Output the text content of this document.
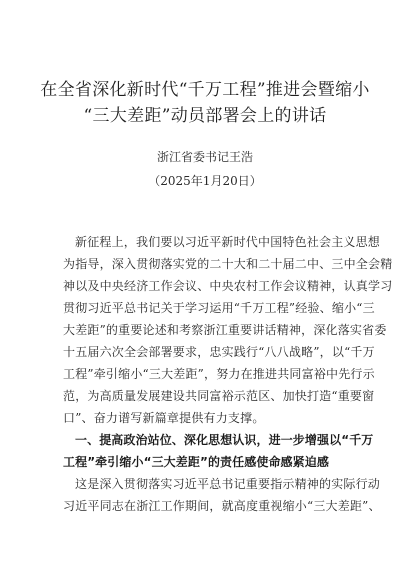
在全省深化新时代“千万工程”推进会暨缩小
“三大差距”动员部署会上的讲话
浙江省委书记王浩
（2025年1月20日）
新征程上，我们要以习近平新时代中国特色社会主义思想
为指导，深入贯彻落实党的二十大和二十届二中、三中全会精
神以及中央经济工作会议、中央农村工作会议精神，认真学习
贯彻习近平总书记关于学习运用“千万工程”经验、缩小“三
大差距”的重要论述和考察浙江重要讲话精神，深化落实省委
十五届六次全会部署要求，忠实践行“八八战略”，以“千万
工程”牵引缩小“三大差距”，努力在推进共同富裕中先行示
范，为高质量发展建设共同富裕示范区、加快打造“重要窗
口”、奋力谱写新篇章提供有力支撑。
一、提高政治站位、深化思想认识，进一步增强以“千万
工程”牵引缩小“三大差距”的责任感使命感紧迫感
这是深入贯彻落实习近平总书记重要指示精神的实际行动
习近平同志在浙江工作期间，就高度重视缩小“三大差距”、
